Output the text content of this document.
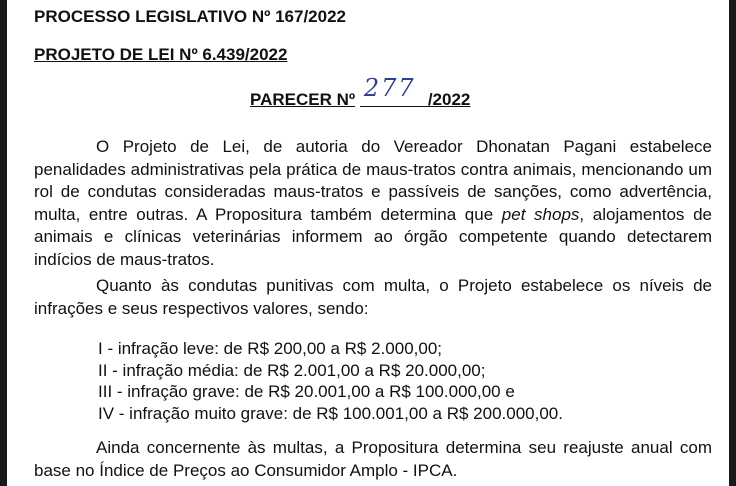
PROCESSO LEGISLATIVO Nº 167/2022

PROJETO DE LEI Nº 6.439/2022

PARECER Nº 277 /2022

O Projeto de Lei, de autoria do Vereador Dhonatan Pagani estabelece penalidades administrativas pela prática de maus-tratos contra animais, mencionando um rol de condutas consideradas maus-tratos e passíveis de sanções, como advertência, multa, entre outras. A Propositura também determina que pet shops, alojamentos de animais e clínicas veterinárias informem ao órgão competente quando detectarem indícios de maus-tratos.

Quanto às condutas punitivas com multa, o Projeto estabelece os níveis de infrações e seus respectivos valores, sendo:

I - infração leve: de R$ 200,00 a R$ 2.000,00;
II - infração média: de R$ 2.001,00 a R$ 20.000,00;
III - infração grave: de R$ 20.001,00 a R$ 100.000,00 e
IV - infração muito grave: de R$ 100.001,00 a R$ 200.000,00.

Ainda concernente às multas, a Propositura determina seu reajuste anual com base no Índice de Preços ao Consumidor Amplo - IPCA.
